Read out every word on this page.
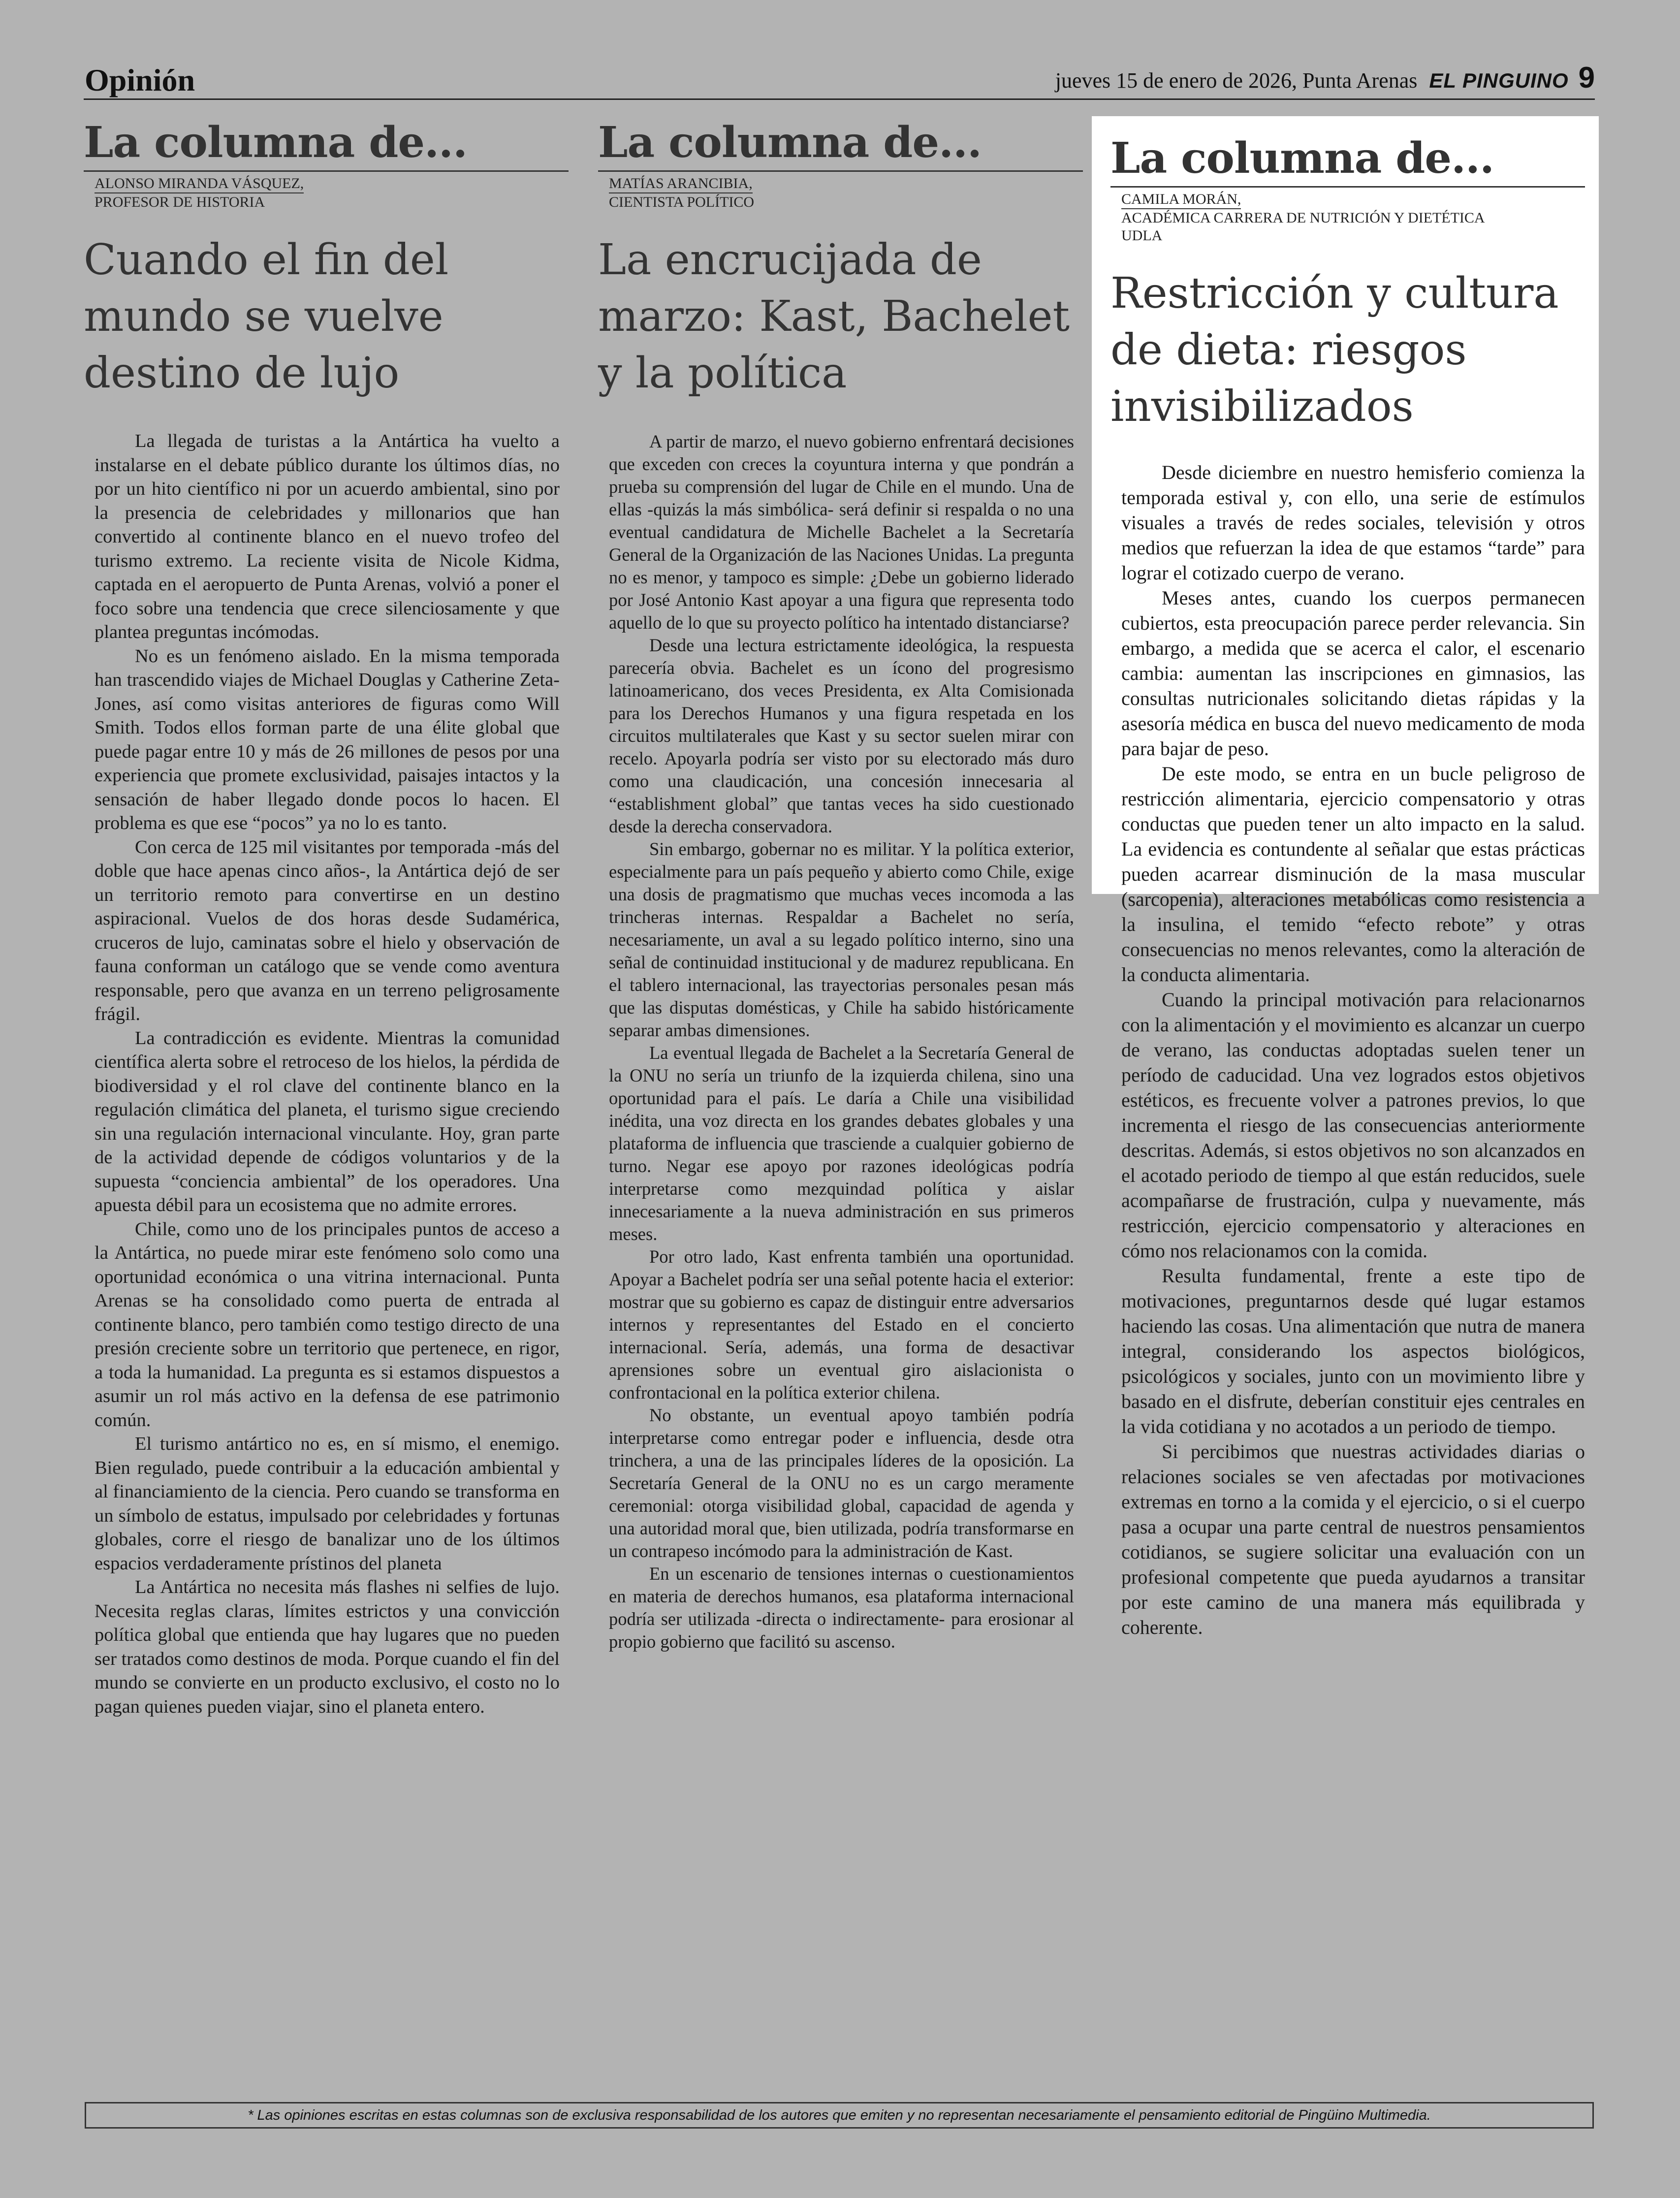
Opinión	jueves 15 de enero de 2026, Punta Arenas EL PINGUINO 9
La columna de...
ALONSO MIRANDA VÁSQUEZ,
PROFESOR DE HISTORIA
Cuando el fin del mundo se vuelve destino de lujo

La llegada de turistas a la Antártica ha vuelto a instalarse en el debate público durante los últimos días, no por un hito científico ni por un acuerdo ambiental, sino por la presencia de celebridades y millonarios que han convertido al continente blanco en el nuevo trofeo del turismo extremo. La reciente visita de Nicole Kidma, captada en el aeropuerto de Punta Arenas, volvió a poner el foco sobre una tendencia que crece silenciosamente y que plantea preguntas incómodas.

No es un fenómeno aislado. En la misma temporada han trascendido viajes de Michael Douglas y Catherine Zeta-Jones, así como visitas anteriores de figuras como Will Smith. Todos ellos forman parte de una élite global que puede pagar entre 10 y más de 26 millones de pesos por una experiencia que promete exclusividad, paisajes intactos y la sensación de haber llegado donde pocos lo hacen. El problema es que ese “pocos” ya no lo es tanto.

Con cerca de 125 mil visitantes por temporada -más del doble que hace apenas cinco años-, la Antártica dejó de ser un territorio remoto para convertirse en un destino aspiracional. Vuelos de dos horas desde Sudamérica, cruceros de lujo, caminatas sobre el hielo y observación de fauna conforman un catálogo que se vende como aventura responsable, pero que avanza en un terreno peligrosamente frágil.

La contradicción es evidente. Mientras la comunidad científica alerta sobre el retroceso de los hielos, la pérdida de biodiversidad y el rol clave del continente blanco en la regulación climática del planeta, el turismo sigue creciendo sin una regulación internacional vinculante. Hoy, gran parte de la actividad depende de códigos voluntarios y de la supuesta “conciencia ambiental” de los operadores. Una apuesta débil para un ecosistema que no admite errores.

Chile, como uno de los principales puntos de acceso a la Antártica, no puede mirar este fenómeno solo como una oportunidad económica o una vitrina internacional. Punta Arenas se ha consolidado como puerta de entrada al continente blanco, pero también como testigo directo de una presión creciente sobre un territorio que pertenece, en rigor, a toda la humanidad. La pregunta es si estamos dispuestos a asumir un rol más activo en la defensa de ese patrimonio común.

El turismo antártico no es, en sí mismo, el enemigo. Bien regulado, puede contribuir a la educación ambiental y al financiamiento de la ciencia. Pero cuando se transforma en un símbolo de estatus, impulsado por celebridades y fortunas globales, corre el riesgo de banalizar uno de los últimos espacios verdaderamente prístinos del planeta

La Antártica no necesita más flashes ni selfies de lujo. Necesita reglas claras, límites estrictos y una convicción política global que entienda que hay lugares que no pueden ser tratados como destinos de moda. Porque cuando el fin del mundo se convierte en un producto exclusivo, el costo no lo pagan quienes pueden viajar, sino el planeta entero.

La columna de...
MATÍAS ARANCIBIA,
CIENTISTA POLÍTICO
La encrucijada de marzo: Kast, Bachelet y la política

A partir de marzo, el nuevo gobierno enfrentará decisiones que exceden con creces la coyuntura interna y que pondrán a prueba su comprensión del lugar de Chile en el mundo. Una de ellas -quizás la más simbólica- será definir si respalda o no una eventual candidatura de Michelle Bachelet a la Secretaría General de la Organización de las Naciones Unidas. La pregunta no es menor, y tampoco es simple: ¿Debe un gobierno liderado por José Antonio Kast apoyar a una figura que representa todo aquello de lo que su proyecto político ha intentado distanciarse?

Desde una lectura estrictamente ideológica, la respuesta parecería obvia. Bachelet es un ícono del progresismo latinoamericano, dos veces Presidenta, ex Alta Comisionada para los Derechos Humanos y una figura respetada en los circuitos multilaterales que Kast y su sector suelen mirar con recelo. Apoyarla podría ser visto por su electorado más duro como una claudicación, una concesión innecesaria al “establishment global” que tantas veces ha sido cuestionado desde la derecha conservadora.

Sin embargo, gobernar no es militar. Y la política exterior, especialmente para un país pequeño y abierto como Chile, exige una dosis de pragmatismo que muchas veces incomoda a las trincheras internas. Respaldar a Bachelet no sería, necesariamente, un aval a su legado político interno, sino una señal de continuidad institucional y de madurez republicana. En el tablero internacional, las trayectorias personales pesan más que las disputas domésticas, y Chile ha sabido históricamente separar ambas dimensiones.

La eventual llegada de Bachelet a la Secretaría General de la ONU no sería un triunfo de la izquierda chilena, sino una oportunidad para el país. Le daría a Chile una visibilidad inédita, una voz directa en los grandes debates globales y una plataforma de influencia que trasciende a cualquier gobierno de turno. Negar ese apoyo por razones ideológicas podría interpretarse como mezquindad política y aislar innecesariamente a la nueva administración en sus primeros meses.

Por otro lado, Kast enfrenta también una oportunidad. Apoyar a Bachelet podría ser una señal potente hacia el exterior: mostrar que su gobierno es capaz de distinguir entre adversarios internos y representantes del Estado en el concierto internacional. Sería, además, una forma de desactivar aprensiones sobre un eventual giro aislacionista o confrontacional en la política exterior chilena.

No obstante, un eventual apoyo también podría interpretarse como entregar poder e influencia, desde otra trinchera, a una de las principales líderes de la oposición. La Secretaría General de la ONU no es un cargo meramente ceremonial: otorga visibilidad global, capacidad de agenda y una autoridad moral que, bien utilizada, podría transformarse en un contrapeso incómodo para la administración de Kast.

En un escenario de tensiones internas o cuestionamientos en materia de derechos humanos, esa plataforma internacional podría ser utilizada -directa o indirectamente- para erosionar al propio gobierno que facilitó su ascenso.

La columna de...
CAMILA MORÁN,
ACADÉMICA CARRERA DE NUTRICIÓN Y DIETÉTICA
UDLA
Restricción y cultura de dieta: riesgos invisibilizados

Desde diciembre en nuestro hemisferio comienza la temporada estival y, con ello, una serie de estímulos visuales a través de redes sociales, televisión y otros medios que refuerzan la idea de que estamos “tarde” para lograr el cotizado cuerpo de verano.

Meses antes, cuando los cuerpos permanecen cubiertos, esta preocupación parece perder relevancia. Sin embargo, a medida que se acerca el calor, el escenario cambia: aumentan las inscripciones en gimnasios, las consultas nutricionales solicitando dietas rápidas y la asesoría médica en busca del nuevo medicamento de moda para bajar de peso.

De este modo, se entra en un bucle peligroso de restricción alimentaria, ejercicio compensatorio y otras conductas que pueden tener un alto impacto en la salud. La evidencia es contundente al señalar que estas prácticas pueden acarrear disminución de la masa muscular (sarcopenia), alteraciones metabólicas como resistencia a la insulina, el temido “efecto rebote” y otras consecuencias no menos relevantes, como la alteración de la conducta alimentaria.

Cuando la principal motivación para relacionarnos con la alimentación y el movimiento es alcanzar un cuerpo de verano, las conductas adoptadas suelen tener un período de caducidad. Una vez logrados estos objetivos estéticos, es frecuente volver a patrones previos, lo que incrementa el riesgo de las consecuencias anteriormente descritas. Además, si estos objetivos no son alcanzados en el acotado periodo de tiempo al que están reducidos, suele acompañarse de frustración, culpa y nuevamente, más restricción, ejercicio compensatorio y alteraciones en cómo nos relacionamos con la comida.

Resulta fundamental, frente a este tipo de motivaciones, preguntarnos desde qué lugar estamos haciendo las cosas. Una alimentación que nutra de manera integral, considerando los aspectos biológicos, psicológicos y sociales, junto con un movimiento libre y basado en el disfrute, deberían constituir ejes centrales en la vida cotidiana y no acotados a un periodo de tiempo.

Si percibimos que nuestras actividades diarias o relaciones sociales se ven afectadas por motivaciones extremas en torno a la comida y el ejercicio, o si el cuerpo pasa a ocupar una parte central de nuestros pensamientos cotidianos, se sugiere solicitar una evaluación con un profesional competente que pueda ayudarnos a transitar por este camino de una manera más equilibrada y coherente.

* Las opiniones escritas en estas columnas son de exclusiva responsabilidad de los autores que emiten y no representan necesariamente el pensamiento editorial de Pingüino Multimedia.
